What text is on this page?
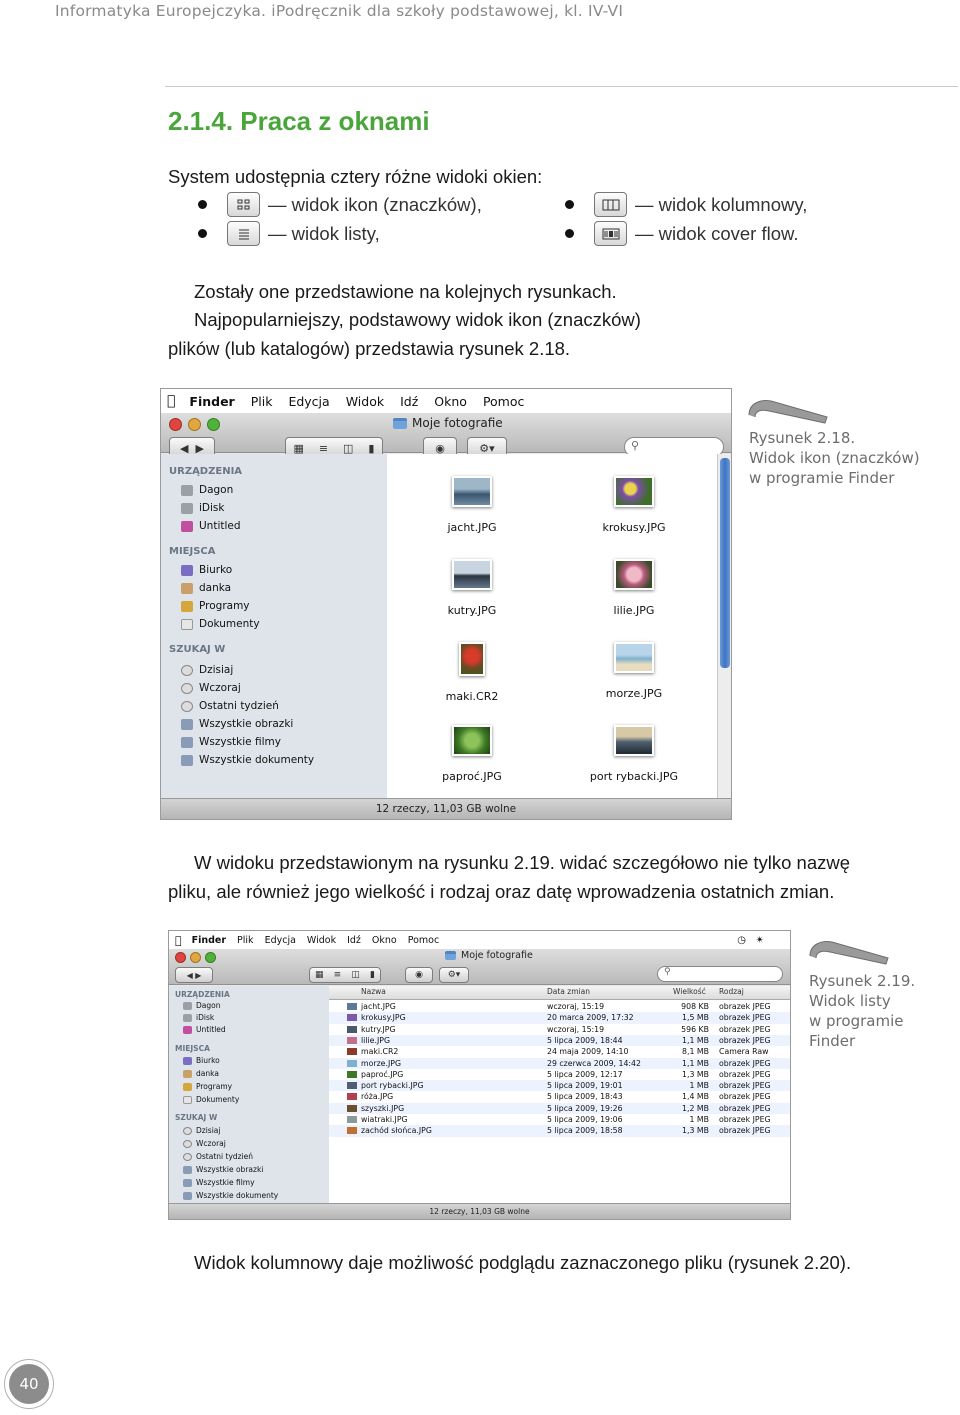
Informatyka Europejczyka. iPodręcznik dla szkoły podstawowej, kl. IV-VI
2.1.4. Praca z oknami
System udostępnia cztery różne widoki okien:
— widok ikon (znaczków),	— widok kolumnowy,
— widok listy,	— widok cover flow.
Zostały one przedstawione na kolejnych rysunkach.
Najpopularniejszy, podstawowy widok ikon (znaczków)
plików (lub katalogów) przedstawia rysunek 2.18.
Finder Plik Edycja Widok Idź Okno Pomoc
Moje fotografie
◀
▶	▦ ≡ ◫ ▮	◉	⚙▾	⚲
URZĄDZENIA
Dagon
iDisk
Untitled
MIEJSCA
Biurko
danka
Programy
Dokumenty
SZUKAJ W
Dzisiaj
Wczoraj
Ostatni tydzień
Wszystkie obrazki
Wszystkie filmy
Wszystkie dokumenty
jacht.JPG	krokusy.JPG
kutry.JPG	lilie.JPG
maki.CR2	morze.JPG
paproć.JPG	port rybacki.JPG
12 rzeczy, 11,03 GB wolne
Rysunek 2.18.
Widok ikon (znaczków)
w programie Finder
W widoku przedstawionym na rysunku 2.19. widać szczegółowo nie tylko nazwę
pliku, ale również jego wielkość i rodzaj oraz datę wprowadzenia ostatnich zmian.
Finder Plik Edycja Widok Idź Okno Pomoc	◷ ✴
Moje fotografie
◀
▶	▦ ≡ ◫ ▮	◉	⚙▾	⚲
URZĄDZENIA
Dagon
iDisk
Untitled
MIEJSCA
Biurko
danka
Programy
Dokumenty
SZUKAJ W
Dzisiaj
Wczoraj
Ostatni tydzień
Wszystkie obrazki
Wszystkie filmy
Wszystkie dokumenty
Nazwa	Data zmian	Wielkość Rodzaj
jacht.JPG	wczoraj, 15:19	908 KB obrazek JPEG
krokusy.JPG	20 marca 2009, 17:32	1,5 MB obrazek JPEG
kutry.JPG	wczoraj, 15:19	596 KB obrazek JPEG
lilie.JPG	5 lipca 2009, 18:44	1,1 MB obrazek JPEG
maki.CR2	24 maja 2009, 14:10	8,1 MB Camera Raw
morze.JPG	29 czerwca 2009, 14:42	1,1 MB obrazek JPEG
paproć.JPG	5 lipca 2009, 12:17	1,3 MB obrazek JPEG
port rybacki.JPG	5 lipca 2009, 19:01	1 MB obrazek JPEG
róża.JPG	5 lipca 2009, 18:43	1,4 MB obrazek JPEG
szyszki.JPG	5 lipca 2009, 19:26	1,2 MB obrazek JPEG
wiatraki.JPG	5 lipca 2009, 19:06	1 MB obrazek JPEG
zachód słońca.JPG	5 lipca 2009, 18:58	1,3 MB obrazek JPEG
12 rzeczy, 11,03 GB wolne
Rysunek 2.19.
Widok listy
w programie
Finder
Widok kolumnowy daje możliwość podglądu zaznaczonego pliku (rysunek 2.20).
40
